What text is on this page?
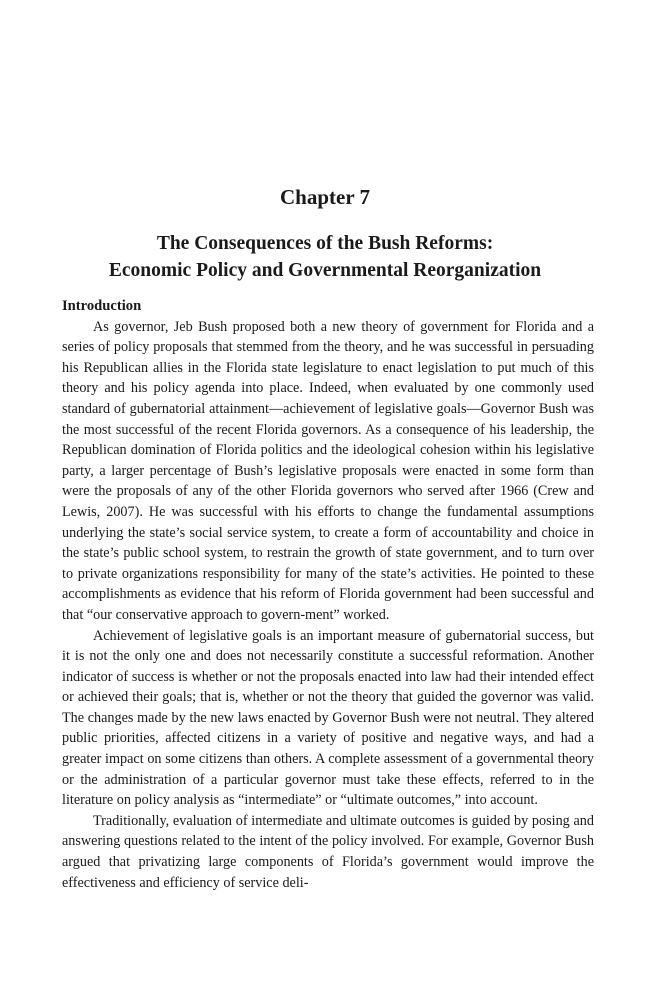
Chapter 7
The Consequences of the Bush Reforms:
Economic Policy and Governmental Reorganization

Introduction

As governor, Jeb Bush proposed both a new theory of government for Florida and a series of policy proposals that stemmed from the theory, and he was successful in persuading his Republican allies in the Florida state legislature to enact legislation to put much of this theory and his policy agenda into place. Indeed, when evaluated by one commonly used standard of gubernatorial attainment—achievement of legislative goals—Governor Bush was the most successful of the recent Florida governors. As a consequence of his leadership, the Republican domination of Florida politics and the ideological cohesion within his legislative party, a larger percentage of Bush’s legislative proposals were enacted in some form than were the proposals of any of the other Florida governors who served after 1966 (Crew and Lewis, 2007). He was successful with his efforts to change the fundamental assumptions underlying the state’s social service system, to create a form of accountability and choice in the state’s public school system, to restrain the growth of state government, and to turn over to private organizations responsibility for many of the state’s activities. He pointed to these accomplishments as evidence that his reform of Florida government had been successful and that “our conservative approach to govern-ment” worked.

Achievement of legislative goals is an important measure of gubernatorial success, but it is not the only one and does not necessarily constitute a successful reformation. Another indicator of success is whether or not the proposals enacted into law had their intended effect or achieved their goals; that is, whether or not the theory that guided the governor was valid. The changes made by the new laws enacted by Governor Bush were not neutral. They altered public priorities, affected citizens in a variety of positive and negative ways, and had a greater impact on some citizens than others. A complete assessment of a governmental theory or the administration of a particular governor must take these effects, referred to in the literature on policy analysis as “intermediate” or “ultimate outcomes,” into account.

Traditionally, evaluation of intermediate and ultimate outcomes is guided by posing and answering questions related to the intent of the policy involved. For example, Governor Bush argued that privatizing large components of Florida’s government would improve the effectiveness and efficiency of service deli-
